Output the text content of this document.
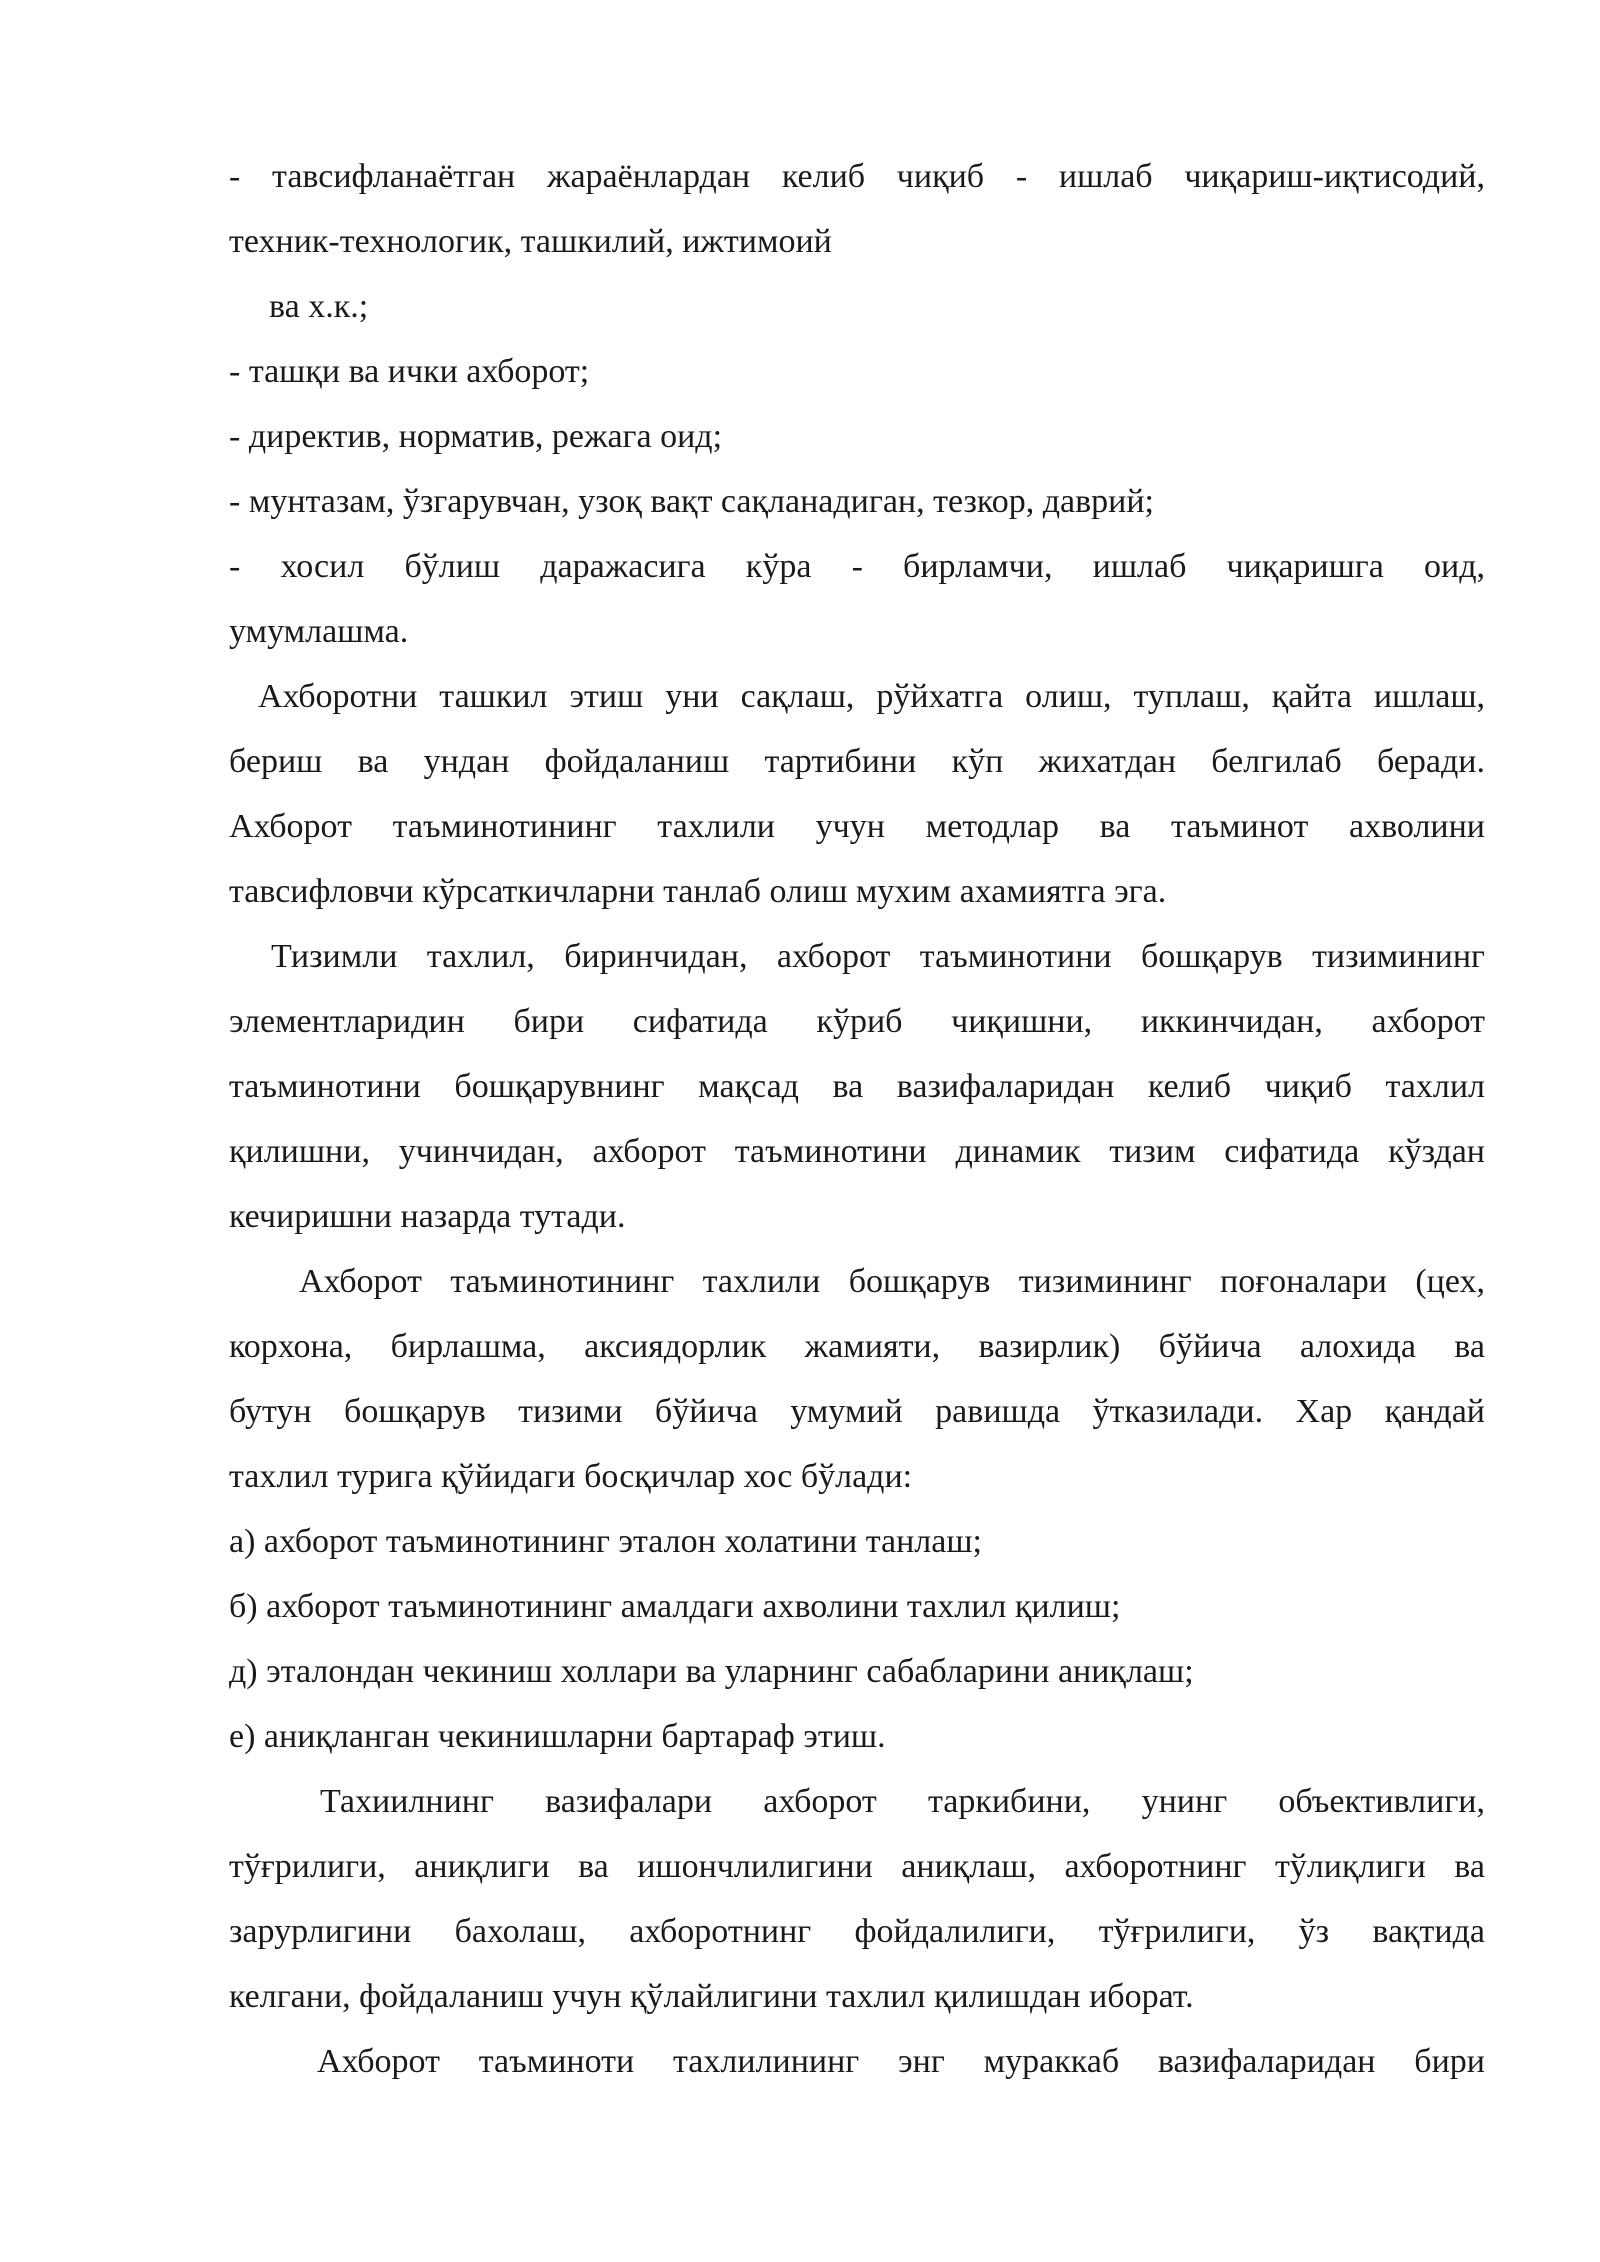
- тавсифланаётган жараёнлардан келиб чиқиб - ишлаб чиқариш-иқтисодий,
техник-технологик, ташкилий, ижтимоий
ва х.к.;
- ташқи ва ички ахборот;
- директив, норматив, режага оид;
- мунтазам, ўзгарувчан, узоқ вақт сақланадиган, тезкор, даврий;
- хосил бўлиш даражасига кўра - бирламчи, ишлаб чиқаришга оид,
умумлашма.
Ахборотни ташкил этиш уни сақлаш, рўйхатга олиш, туплаш, қайта ишлаш,
бериш ва ундан фойдаланиш тартибини кўп жихатдан белгилаб беради.
Ахборот таъминотининг тахлили учун методлар ва таъминот ахволини
тавсифловчи кўрсаткичларни танлаб олиш мухим ахамиятга эга.
Тизимли тахлил, биринчидан, ахборот таъминотини бошқарув тизимининг
элементларидин бири сифатида кўриб чиқишни, иккинчидан, ахборот
таъминотини бошқарувнинг мақсад ва вазифаларидан келиб чиқиб тахлил
қилишни, учинчидан, ахборот таъминотини динамик тизим сифатида кўздан
кечиришни назарда тутади.
Ахборот таъминотининг тахлили бошқарув тизимининг поғоналари (цех,
корхона, бирлашма, аксиядорлик жамияти, вазирлик) бўйича алохида ва
бутун бошқарув тизими бўйича умумий равишда ўтказилади. Хар қандай
тахлил турига қўйидаги босқичлар хос бўлади:
а) ахборот таъминотининг эталон холатини танлаш;
б) ахборот таъминотининг амалдаги ахволини тахлил қилиш;
д) эталондан чекиниш холлари ва уларнинг сабабларини аниқлаш;
е) аниқланган чекинишларни бартараф этиш.
Тахиилнинг вазифалари ахборот таркибини, унинг объективлиги,
тўғрилиги, аниқлиги ва ишончлилигини аниқлаш, ахборотнинг тўлиқлиги ва
зарурлигини бахолаш, ахборотнинг фойдалилиги, тўғрилиги, ўз вақтида
келгани, фойдаланиш учун қўлайлигини тахлил қилишдан иборат.
Ахборот таъминоти тахлилининг энг мураккаб вазифаларидан бири
